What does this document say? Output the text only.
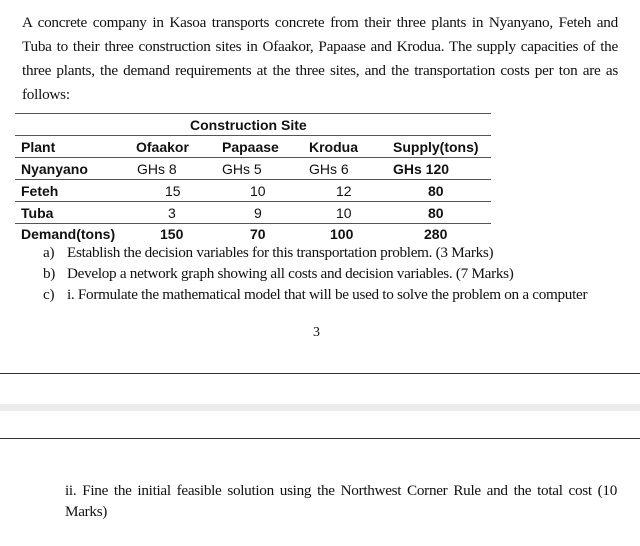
A concrete company in Kasoa transports concrete from their three plants in Nyanyano, Feteh and Tuba to their three construction sites in Ofaakor, Papaase and Krodua. The supply capacities of the three plants, the demand requirements at the three sites, and the transportation costs per ton are as follows:
Construction Site
Plant	Ofaakor Papaase Krodua	Supply(tons)
Nyanyano	GHs 8	GHs 5	GHs 6	GHs 120
Feteh	15	10	12	80
Tuba	3	9	10	80
Demand(tons)	150	70	100	280
a) Establish the decision variables for this transportation problem. (3 Marks)
b) Develop a network graph showing all costs and decision variables. (7 Marks)
c) i. Formulate the mathematical model that will be used to solve the problem on a computer
3
ii. Fine the initial feasible solution using the Northwest Corner Rule and the total cost (10 Marks)
